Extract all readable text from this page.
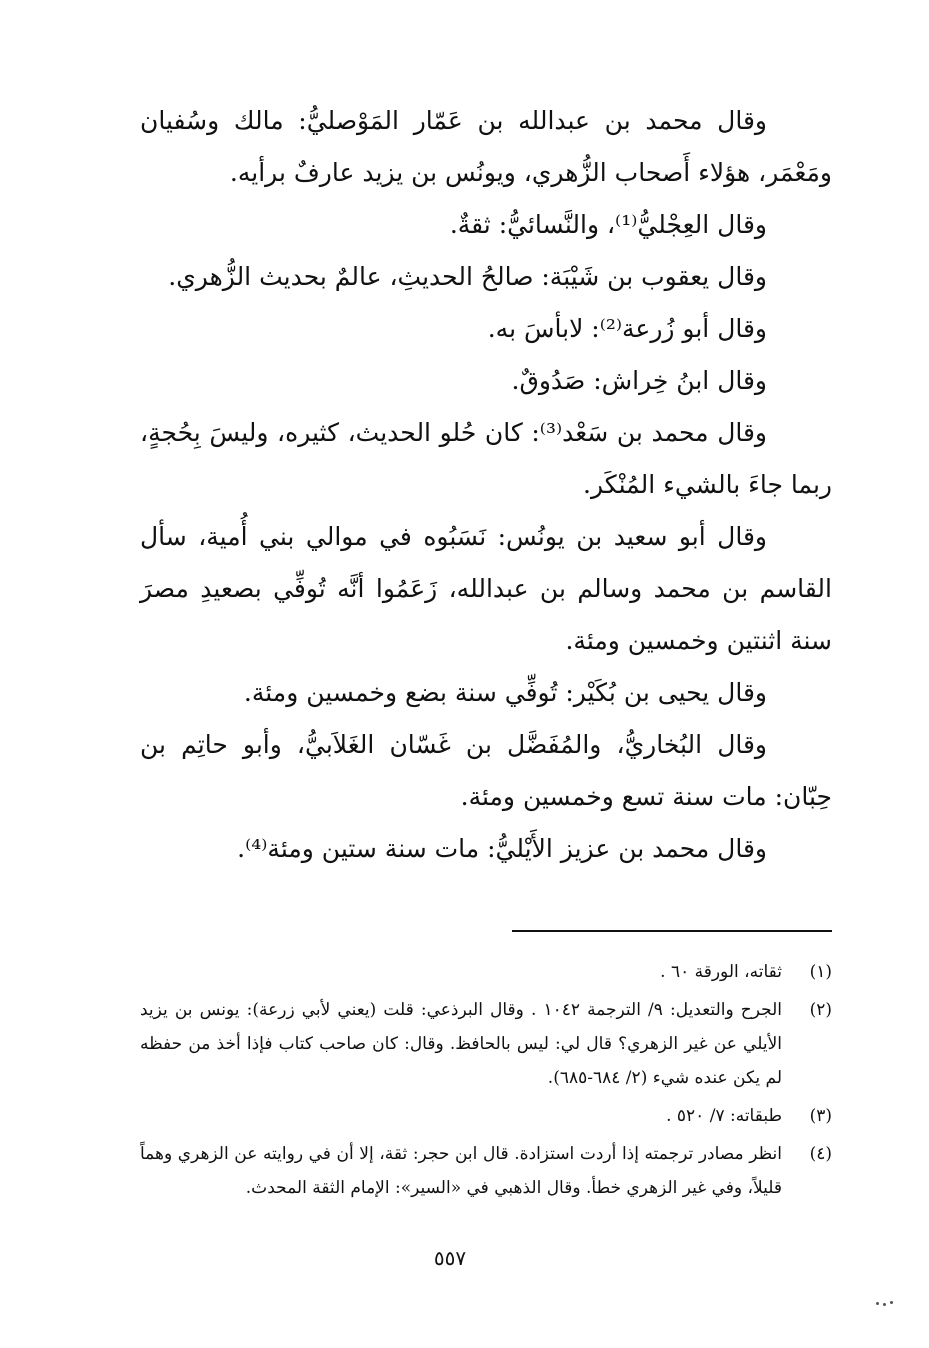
وقال محمد بن عبدالله بن عَمّار المَوْصليُّ: مالك وسُفيان ومَعْمَر، هؤلاء أَصحاب الزُّهري، ويونُس بن يزيد عارفٌ برأيه.

وقال العِجْليُّ⁽¹⁾، والنَّسائيُّ: ثقةٌ.

وقال يعقوب بن شَيْبَة: صالحُ الحديثِ، عالمٌ بحديث الزُّهري.

وقال أبو زُرعة⁽²⁾: لابأسَ به.

وقال ابنُ خِراش: صَدُوقٌ.

وقال محمد بن سَعْد⁽³⁾: كان حُلو الحديث، كثيره، وليسَ بِحُجةٍ، ربما جاءَ بالشيء المُنْكَر.

وقال أبو سعيد بن يونُس: نَسَبُوه في موالي بني أُمية، سأل القاسم بن محمد وسالم بن عبدالله، زَعَمُوا أنَّه تُوفِّي بصعيدِ مصرَ سنة اثنتين وخمسين ومئة.

وقال يحيى بن بُكَيْر: تُوفِّي سنة بضع وخمسين ومئة.

وقال البُخاريُّ، والمُفَضَّل بن غَسّان الغَلاَبيُّ، وأبو حاتِم بن حِبّان: مات سنة تسع وخمسين ومئة.

وقال محمد بن عزيز الأَيْليُّ: مات سنة ستين ومئة⁽⁴⁾.

(١)
ثقاته، الورقة ٦٠ .
(٢)
الجرح والتعديل: ٩/ الترجمة ١٠٤٢ . وقال البرذعي: قلت (يعني لأبي زرعة): يونس بن يزيد الأيلي عن غير الزهري؟ قال لي: ليس بالحافظ. وقال: كان صاحب كتاب فإذا أخذ من حفظه لم يكن عنده شيء (٢/ ٦٨٤-٦٨٥).
(٣)
طبقاته: ٧/ ٥٢٠ .
(٤)
انظر مصادر ترجمته إذا أردت استزادة. قال ابن حجر: ثقة، إلا أن في روايته عن الزهري وهماً قليلاً، وفي غير الزهري خطأ. وقال الذهبي في «السير»: الإمام الثقة المحدث.
٥٥٧
